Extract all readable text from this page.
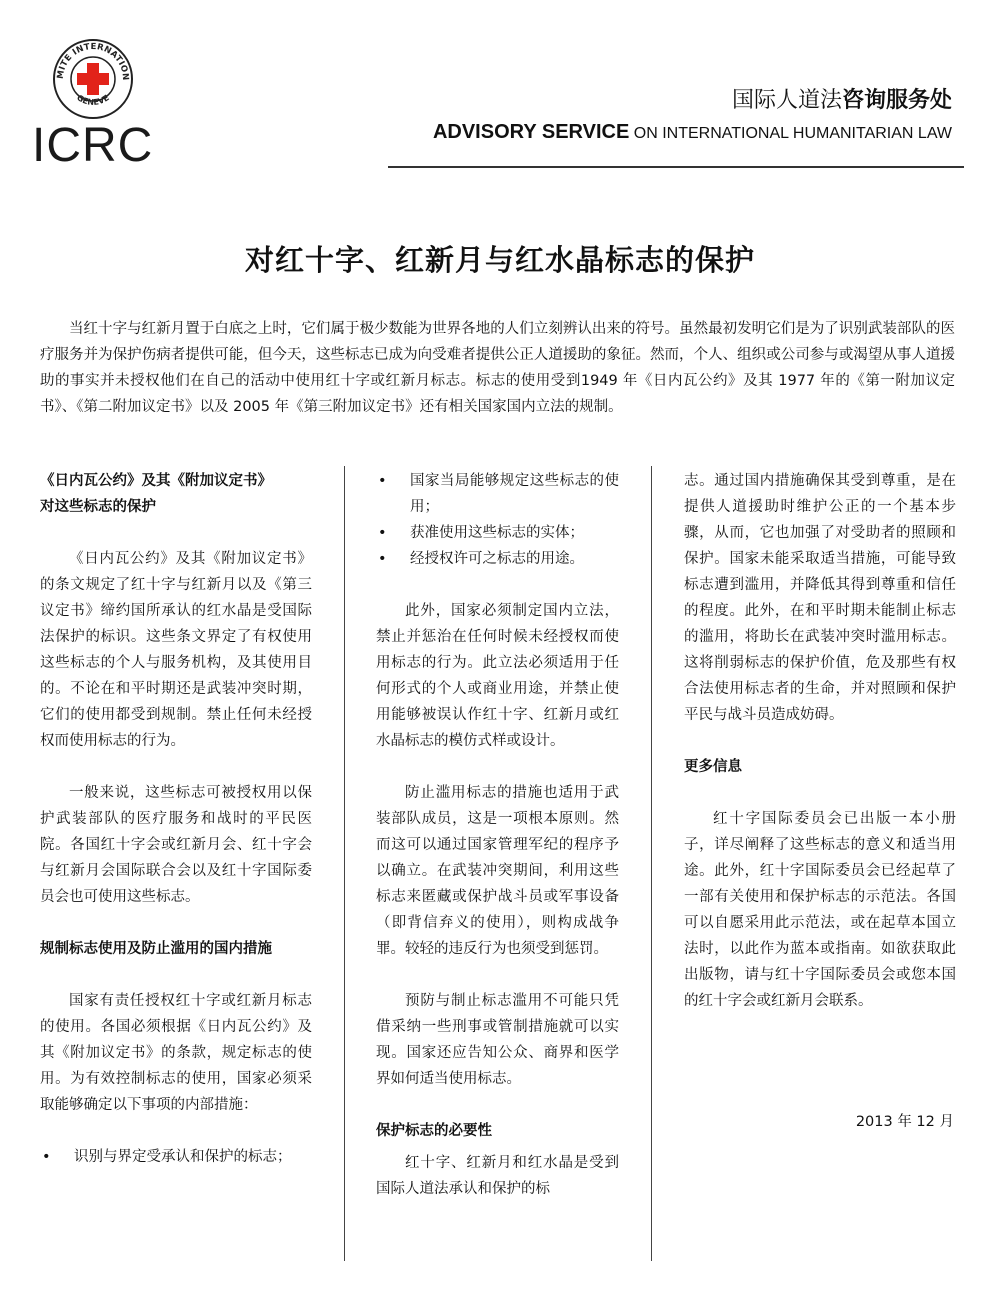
MITE INTERNATION
GENEVE
ICRC
国际人道法咨询服务处
ADVISORY SERVICE ON INTERNATIONAL HUMANITARIAN LAW
对红十字、红新月与红水晶标志的保护
当红十字与红新月置于白底之上时，它们属于极少数能为世界各地的人们立刻辨认出来的符号。虽然最初发明它们是为了识别武装部队的医疗服务并为保护伤病者提供可能，但今天，这些标志已成为向受难者提供公正人道援助的象征。然而，个人、组织或公司参与或渴望从事人道援助的事实并未授权他们在自己的活动中使用红十字或红新月标志。标志的使用受到1949 年《日内瓦公约》及其 1977 年的《第一附加议定书》、《第二附加议定书》以及 2005 年《第三附加议定书》还有相关国家国内立法的规制。
《日内瓦公约》及其《附加议定书》
对这些标志的保护

《日内瓦公约》及其《附加议定书》的条文规定了红十字与红新月以及《第三议定书》缔约国所承认的红水晶是受国际法保护的标识。这些条文界定了有权使用这些标志的个人与服务机构，及其使用目的。不论在和平时期还是武装冲突时期，它们的使用都受到规制。禁止任何未经授权而使用标志的行为。

一般来说，这些标志可被授权用以保护武装部队的医疗服务和战时的平民医院。各国红十字会或红新月会、红十字会与红新月会国际联合会以及红十字国际委员会也可使用这些标志。

规制标志使用及防止滥用的国内措施

国家有责任授权红十字或红新月标志的使用。各国必须根据《日内瓦公约》及其《附加议定书》的条款，规定标志的使用。为有效控制标志的使用，国家必须采取能够确定以下事项的内部措施：

• 识别与界定受承认和保护的标志；
• 国家当局能够规定这些标志的使用；
• 获准使用这些标志的实体；
• 经授权许可之标志的用途。

此外，国家必须制定国内立法，禁止并惩治在任何时候未经授权而使用标志的行为。此立法必须适用于任何形式的个人或商业用途，并禁止使用能够被误认作红十字、红新月或红水晶标志的模仿式样或设计。

防止滥用标志的措施也适用于武装部队成员，这是一项根本原则。然而这可以通过国家管理军纪的程序予以确立。在武装冲突期间，利用这些标志来匿藏或保护战斗员或军事设备（即背信弃义的使用），则构成战争罪。较轻的违反行为也须受到惩罚。

预防与制止标志滥用不可能只凭借采纳一些刑事或管制措施就可以实现。国家还应告知公众、商界和医学界如何适当使用标志。

保护标志的必要性

红十字、红新月和红水晶是受到国际人道法承认和保护的标

志。通过国内措施确保其受到尊重，是在提供人道援助时维护公正的一个基本步骤，从而，它也加强了对受助者的照顾和保护。国家未能采取适当措施，可能导致标志遭到滥用，并降低其得到尊重和信任的程度。此外，在和平时期未能制止标志的滥用，将助长在武装冲突时滥用标志。这将削弱标志的保护价值，危及那些有权合法使用标志者的生命，并对照顾和保护平民与战斗员造成妨碍。

更多信息

红十字国际委员会已出版一本小册子，详尽阐释了这些标志的意义和适当用途。此外，红十字国际委员会已经起草了一部有关使用和保护标志的示范法。各国可以自愿采用此示范法，或在起草本国立法时，以此作为蓝本或指南。如欲获取此出版物，请与红十字国际委员会或您本国的红十字会或红新月会联系。

2013 年 12 月
